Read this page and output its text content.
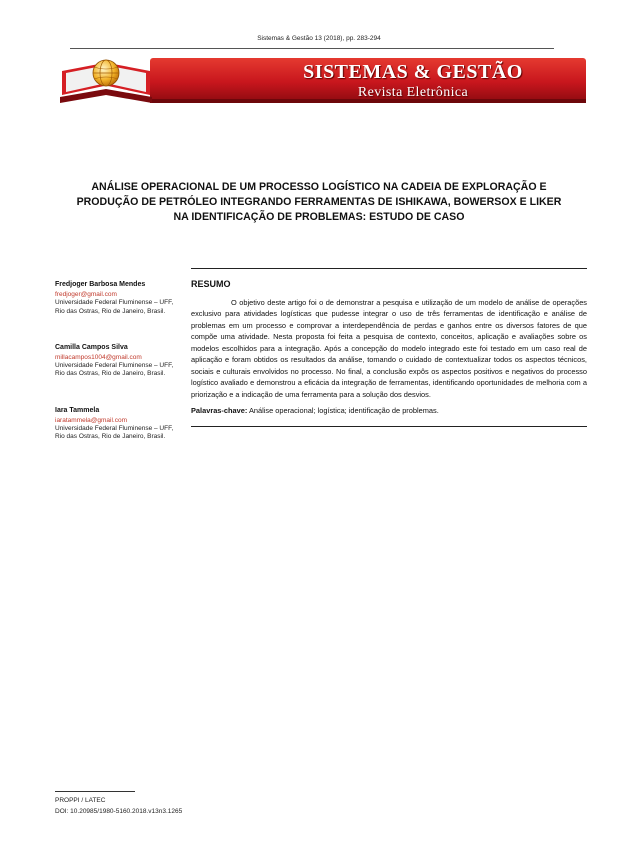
Sistemas & Gestão 13 (2018), pp. 283-294
SISTEMAS & GESTÃO
Revista Eletrônica
ANÁLISE OPERACIONAL DE UM PROCESSO LOGÍSTICO NA CADEIA DE EXPLORAÇÃO E PRODUÇÃO DE PETRÓLEO INTEGRANDO FERRAMENTAS DE ISHIKAWA, BOWERSOX E LIKER NA IDENTIFICAÇÃO DE PROBLEMAS: ESTUDO DE CASO
Fredjoger Barbosa Mendes
fredjoger@gmail.com
Universidade Federal Fluminense – UFF, Rio das Ostras, Rio de Janeiro, Brasil.
Camilla Campos Silva
millacampos1004@gmail.com
Universidade Federal Fluminense – UFF, Rio das Ostras, Rio de Janeiro, Brasil.
Iara Tammela
iaratammela@gmail.com
Universidade Federal Fluminense – UFF, Rio das Ostras, Rio de Janeiro, Brasil.
RESUMO
O objetivo deste artigo foi o de demonstrar a pesquisa e utilização de um modelo de análise de operações exclusivo para atividades logísticas que pudesse integrar o uso de três ferramentas de identificação e análise de problemas em um processo e comprovar a interdependência de perdas e ganhos entre os diversos fatores de que compõe uma atividade. Nesta proposta foi feita a pesquisa de contexto, conceitos, aplicação e avaliações sobre os modelos escolhidos para a integração. Após a concepção do modelo integrado este foi testado em um caso real de aplicação e foram obtidos os resultados da análise, tomando o cuidado de contextualizar todos os aspectos técnicos, sociais e culturais envolvidos no processo. No final, a conclusão expôs os aspectos positivos e negativos do processo logístico avaliado e demonstrou a eficácia da integração de ferramentas, identificando oportunidades de melhoria com a priorização e a indicação de uma ferramenta para a solução dos desvios.
Palavras-chave: Análise operacional; logística; identificação de problemas.
PROPPI / LATEC
DOI: 10.20985/1980-5160.2018.v13n3.1265
